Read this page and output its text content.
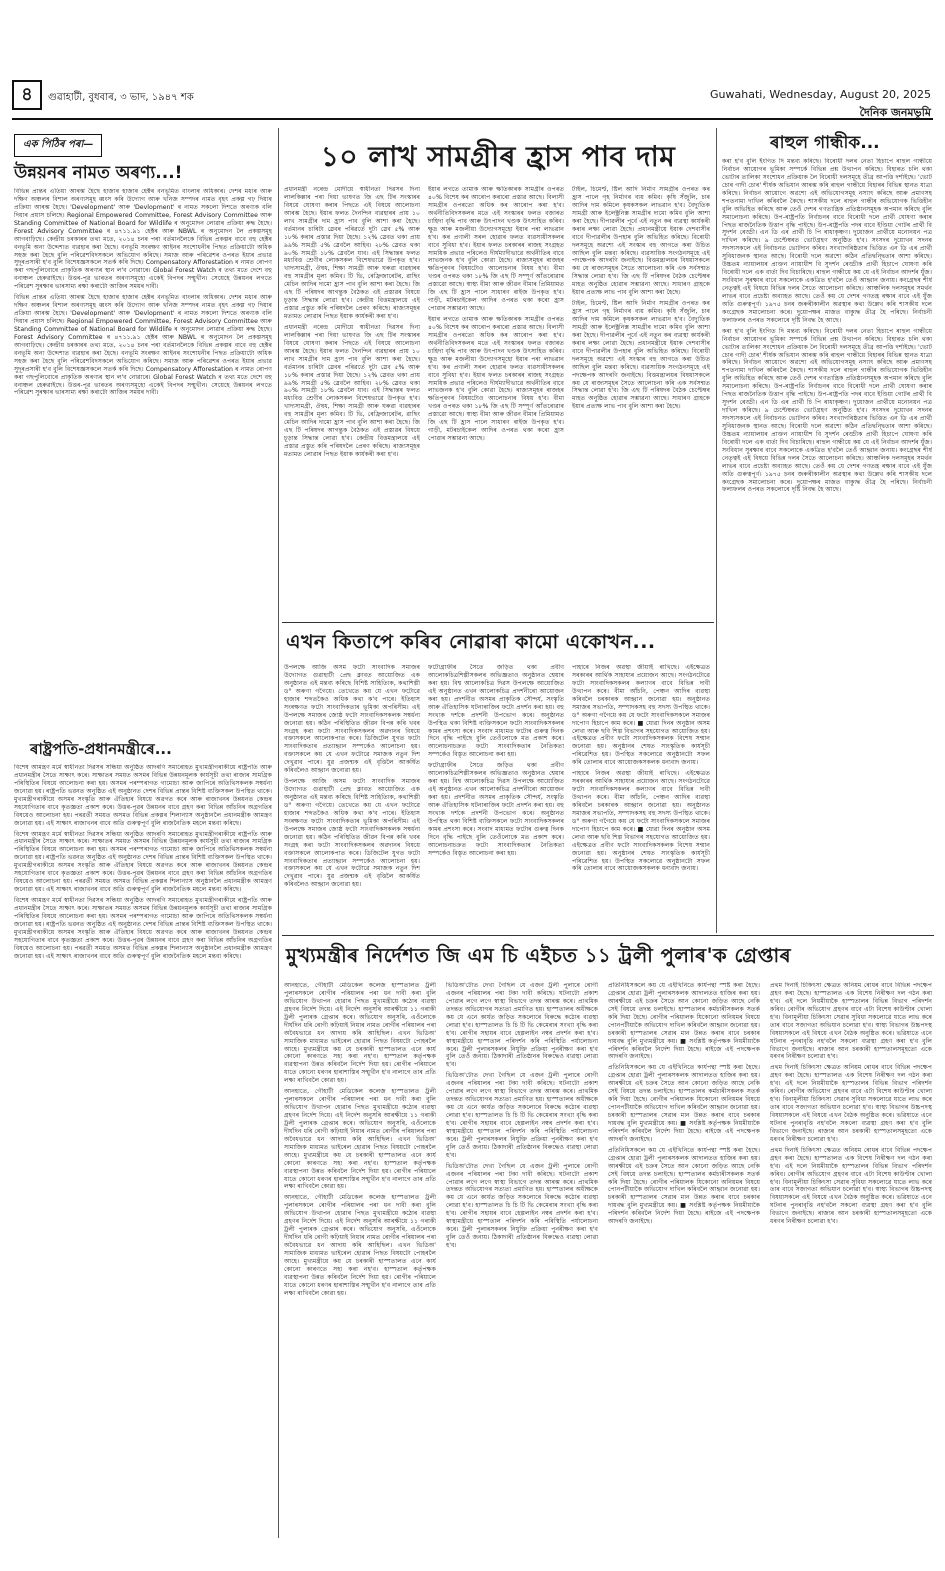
৪	গুৱাহাটী, বুধবাৰ, ৩ ভাদ, ১৯৪৭ শক	Guwahati, Wednesday, August 20, 2025
দৈনিক জনমভূমি
এক পিঠিৰ পৰা—
উন্নয়নৰ নামত অৰণ্য...!
বিভিন্ন প্ৰান্তৰ এতিয়া আৰম্ভ হৈছে হাজাৰ হাজাৰ হেক্টৰ বনভূমিত বাংলাৰ অধিকাৰ। দেশৰ মধ্যৰ আৰু দক্ষিণ অঞ্চলৰ বিশাল অৰণ্যসমূহ ধ্বংস কৰি উদ্যোগ আৰু খনিজ সম্পদৰ নামত বৃহৎ প্ৰকল্প গঢ় দিয়াৰ প্ৰক্ৰিয়া আৰম্ভ হৈছে। 'Development' আৰু 'Devlopment' ৰ নামত সকলো দিশতে অৰণ্যক বলি দিয়াৰ প্ৰয়াস চলিছে। Regional Empowered Committee, Forest Advisory Committee আৰু Standing Committee of National Board for Wildlife ৰ অনুমোদন লোৱাৰ প্ৰক্ৰিয়া ৰুদ্ধ হৈছে। Forest Advisory Committee ৰ ৪৭১১.৯১ হেক্টৰ আৰু NBWL ৰ অনুমোদন লৈ প্ৰকল্পসমূহ আগবাঢ়িছে। কেন্দ্ৰীয় চৰকাৰৰ তথ্য মতে, ২০১৪ চনৰ পৰা বৰ্তমানলৈকে বিভিন্ন প্ৰকল্পৰ বাবে বহু হেক্টৰ বনভূমি অন্য উদ্দেশ্যত ব্যৱহাৰ কৰা হৈছে। বনভূমি সংৰক্ষণ আইনৰ সংশোধনীৰ পিছত প্ৰক্ৰিয়াটো অধিক সহজ কৰা হৈছে বুলি পৰিৱেশবিদসকলে অভিযোগ কৰিছে। সমাজ আৰু পৰিৱেশৰ ওপৰত ইয়াৰ প্ৰভাৱ সুদূৰপ্ৰসাৰী হ'ব বুলি বিশেষজ্ঞসকলে সতৰ্ক কৰি দিছে। Compensatory Afforestation ৰ নামত ৰোপণ কৰা গছপুলিবোৰে প্ৰাকৃতিক অৰণ্যৰ স্থান ল'ব নোৱাৰে। Global Forest Watch ৰ তথ্য মতে দেশে বহু বনাঞ্চল হেৰুৱাইছে। উত্তৰ-পূৱ ভাৰতৰ অৰণ্যসমূহো একেই বিপদৰ সন্মুখীন। সেয়েহে উন্নয়নৰ লগতে পৰিৱেশ সুৰক্ষাৰ ভাৰসাম্য ৰক্ষা কৰাটো আজিৰ সময়ৰ দাবী।
বিভিন্ন প্ৰান্তৰ এতিয়া আৰম্ভ হৈছে হাজাৰ হাজাৰ হেক্টৰ বনভূমিত বাংলাৰ অধিকাৰ। দেশৰ মধ্যৰ আৰু দক্ষিণ অঞ্চলৰ বিশাল অৰণ্যসমূহ ধ্বংস কৰি উদ্যোগ আৰু খনিজ সম্পদৰ নামত বৃহৎ প্ৰকল্প গঢ় দিয়াৰ প্ৰক্ৰিয়া আৰম্ভ হৈছে। 'Development' আৰু 'Devlopment' ৰ নামত সকলো দিশতে অৰণ্যক বলি দিয়াৰ প্ৰয়াস চলিছে। Regional Empowered Committee, Forest Advisory Committee আৰু Standing Committee of National Board for Wildlife ৰ অনুমোদন লোৱাৰ প্ৰক্ৰিয়া ৰুদ্ধ হৈছে। Forest Advisory Committee ৰ ৪৭১১.৯১ হেক্টৰ আৰু NBWL ৰ অনুমোদন লৈ প্ৰকল্পসমূহ আগবাঢ়িছে। কেন্দ্ৰীয় চৰকাৰৰ তথ্য মতে, ২০১৪ চনৰ পৰা বৰ্তমানলৈকে বিভিন্ন প্ৰকল্পৰ বাবে বহু হেক্টৰ বনভূমি অন্য উদ্দেশ্যত ব্যৱহাৰ কৰা হৈছে। বনভূমি সংৰক্ষণ আইনৰ সংশোধনীৰ পিছত প্ৰক্ৰিয়াটো অধিক সহজ কৰা হৈছে বুলি পৰিৱেশবিদসকলে অভিযোগ কৰিছে। সমাজ আৰু পৰিৱেশৰ ওপৰত ইয়াৰ প্ৰভাৱ সুদূৰপ্ৰসাৰী হ'ব বুলি বিশেষজ্ঞসকলে সতৰ্ক কৰি দিছে। Compensatory Afforestation ৰ নামত ৰোপণ কৰা গছপুলিবোৰে প্ৰাকৃতিক অৰণ্যৰ স্থান ল'ব নোৱাৰে। Global Forest Watch ৰ তথ্য মতে দেশে বহু বনাঞ্চল হেৰুৱাইছে। উত্তৰ-পূৱ ভাৰতৰ অৰণ্যসমূহো একেই বিপদৰ সন্মুখীন। সেয়েহে উন্নয়নৰ লগতে পৰিৱেশ সুৰক্ষাৰ ভাৰসাম্য ৰক্ষা কৰাটো আজিৰ সময়ৰ দাবী।
ৰাষ্ট্ৰপতি-প্ৰধানমন্ত্ৰীৰে...
বিশেষ আমন্ত্ৰণ মৰ্মে স্বাধীনতা দিৱসৰ সন্ধিয়া অনুষ্ঠিত আদৰণি সমাৰোহত মুখ্যমন্ত্ৰীগৰাকীয়ে ৰাষ্ট্ৰপতি আৰু প্ৰধানমন্ত্ৰীৰ সৈতে সাক্ষাৎ কৰে। সাক্ষাতৰ সময়ত অসমৰ বিভিন্ন উন্নয়নমূলক কাৰ্যসূচী তথা ৰাজ্যৰ সামগ্ৰিক পৰিস্থিতিৰ বিষয়ে আলোচনা কৰা হয়। অসমৰ পৰম্পৰাগত গামোচা আৰু জাপিৰে অতিথিসকলক সম্বৰ্ধনা জনোৱা হয়। ৰাষ্ট্ৰপতি ভৱনত অনুষ্ঠিত এই অনুষ্ঠানত দেশৰ বিভিন্ন প্ৰান্তৰ বিশিষ্ট ব্যক্তিসকল উপস্থিত থাকে। মুখ্যমন্ত্ৰীগৰাকীয়ে অসমৰ সংস্কৃতি আৰু ঐতিহ্যৰ বিষয়ে অৱগত কৰে আৰু ৰাজ্যখনৰ উন্নয়নত কেন্দ্ৰৰ সহযোগিতাৰ বাবে কৃতজ্ঞতা প্ৰকাশ কৰে। উত্তৰ-পূৱৰ উন্নয়নৰ বাবে গ্ৰহণ কৰা বিভিন্ন আঁচনিৰ অগ্ৰগতিৰ বিষয়েও আলোচনা হয়। পৰৱৰ্তী সময়ত অসমত বিভিন্ন প্ৰকল্পৰ শিলান্যাস অনুষ্ঠানলৈ প্ৰধানমন্ত্ৰীক আমন্ত্ৰণ জনোৱা হয়। এই সাক্ষাৎ ৰাজ্যখনৰ বাবে অতি গুৰুত্বপূৰ্ণ বুলি ৰাজনৈতিক মহলে মন্তব্য কৰিছে।
বিশেষ আমন্ত্ৰণ মৰ্মে স্বাধীনতা দিৱসৰ সন্ধিয়া অনুষ্ঠিত আদৰণি সমাৰোহত মুখ্যমন্ত্ৰীগৰাকীয়ে ৰাষ্ট্ৰপতি আৰু প্ৰধানমন্ত্ৰীৰ সৈতে সাক্ষাৎ কৰে। সাক্ষাতৰ সময়ত অসমৰ বিভিন্ন উন্নয়নমূলক কাৰ্যসূচী তথা ৰাজ্যৰ সামগ্ৰিক পৰিস্থিতিৰ বিষয়ে আলোচনা কৰা হয়। অসমৰ পৰম্পৰাগত গামোচা আৰু জাপিৰে অতিথিসকলক সম্বৰ্ধনা জনোৱা হয়। ৰাষ্ট্ৰপতি ভৱনত অনুষ্ঠিত এই অনুষ্ঠানত দেশৰ বিভিন্ন প্ৰান্তৰ বিশিষ্ট ব্যক্তিসকল উপস্থিত থাকে। মুখ্যমন্ত্ৰীগৰাকীয়ে অসমৰ সংস্কৃতি আৰু ঐতিহ্যৰ বিষয়ে অৱগত কৰে আৰু ৰাজ্যখনৰ উন্নয়নত কেন্দ্ৰৰ সহযোগিতাৰ বাবে কৃতজ্ঞতা প্ৰকাশ কৰে। উত্তৰ-পূৱৰ উন্নয়নৰ বাবে গ্ৰহণ কৰা বিভিন্ন আঁচনিৰ অগ্ৰগতিৰ বিষয়েও আলোচনা হয়। পৰৱৰ্তী সময়ত অসমত বিভিন্ন প্ৰকল্পৰ শিলান্যাস অনুষ্ঠানলৈ প্ৰধানমন্ত্ৰীক আমন্ত্ৰণ জনোৱা হয়। এই সাক্ষাৎ ৰাজ্যখনৰ বাবে অতি গুৰুত্বপূৰ্ণ বুলি ৰাজনৈতিক মহলে মন্তব্য কৰিছে।
বিশেষ আমন্ত্ৰণ মৰ্মে স্বাধীনতা দিৱসৰ সন্ধিয়া অনুষ্ঠিত আদৰণি সমাৰোহত মুখ্যমন্ত্ৰীগৰাকীয়ে ৰাষ্ট্ৰপতি আৰু প্ৰধানমন্ত্ৰীৰ সৈতে সাক্ষাৎ কৰে। সাক্ষাতৰ সময়ত অসমৰ বিভিন্ন উন্নয়নমূলক কাৰ্যসূচী তথা ৰাজ্যৰ সামগ্ৰিক পৰিস্থিতিৰ বিষয়ে আলোচনা কৰা হয়। অসমৰ পৰম্পৰাগত গামোচা আৰু জাপিৰে অতিথিসকলক সম্বৰ্ধনা জনোৱা হয়। ৰাষ্ট্ৰপতি ভৱনত অনুষ্ঠিত এই অনুষ্ঠানত দেশৰ বিভিন্ন প্ৰান্তৰ বিশিষ্ট ব্যক্তিসকল উপস্থিত থাকে। মুখ্যমন্ত্ৰীগৰাকীয়ে অসমৰ সংস্কৃতি আৰু ঐতিহ্যৰ বিষয়ে অৱগত কৰে আৰু ৰাজ্যখনৰ উন্নয়নত কেন্দ্ৰৰ সহযোগিতাৰ বাবে কৃতজ্ঞতা প্ৰকাশ কৰে। উত্তৰ-পূৱৰ উন্নয়নৰ বাবে গ্ৰহণ কৰা বিভিন্ন আঁচনিৰ অগ্ৰগতিৰ বিষয়েও আলোচনা হয়। পৰৱৰ্তী সময়ত অসমত বিভিন্ন প্ৰকল্পৰ শিলান্যাস অনুষ্ঠানলৈ প্ৰধানমন্ত্ৰীক আমন্ত্ৰণ জনোৱা হয়। এই সাক্ষাৎ ৰাজ্যখনৰ বাবে অতি গুৰুত্বপূৰ্ণ বুলি ৰাজনৈতিক মহলে মন্তব্য কৰিছে।
১০ লাখ সামগ্ৰীৰ হ্ৰাস পাব দাম
প্ৰধানমন্ত্ৰী নৰেন্দ্ৰ মোদীয়ে স্বাধীনতা দিৱসৰ দিনা লালকিল্লাৰ পৰা দিয়া ভাষণত জি এছ টিৰ সংস্কাৰৰ বিষয়ে ঘোষণা কৰাৰ পিছতে এই বিষয়ে আলোচনা আৰম্ভ হৈছে। ইয়াৰ ফলত দৈনন্দিন ব্যৱহাৰৰ প্ৰায় ১০ লাখ সামগ্ৰীৰ দাম হ্ৰাস পাব বুলি আশা কৰা হৈছে। বৰ্তমানৰ চাৰিটা স্লেবৰ পৰিৱৰ্তে দুটা স্লেব ৫% আৰু ১৮% কৰাৰ প্ৰস্তাৱ দিয়া হৈছে। ১২% স্লেবত থকা প্ৰায় ৯৯% সামগ্ৰী ৫% স্লেবলৈ আহিব। ২৮% স্লেবত থকা ৯০% সামগ্ৰী ১৮% স্লেবলৈ যাব। এই সিদ্ধান্তৰ ফলত মধ্যবিত্ত শ্ৰেণীৰ লোকসকল বিশেষভাৱে উপকৃত হ'ব। খাদ্যসামগ্ৰী, ঔষধ, শিক্ষা সামগ্ৰী আৰু ঘৰুৱা ব্যৱহাৰৰ বহু সামগ্ৰীৰ মূল্য কমিব। টি ভি, ৰেফ্ৰিজাৰেটৰ, ৱাছিং মেচিন আদিৰ দামো হ্ৰাস পাব বুলি আশা কৰা হৈছে। জি এছ টি পৰিষদৰ আগন্তুক বৈঠকত এই প্ৰস্তাৱৰ বিষয়ে চূড়ান্ত সিদ্ধান্ত লোৱা হ'ব। কেন্দ্ৰীয় বিত্তমন্ত্ৰালয়ে এই প্ৰস্তাৱ প্ৰস্তুত কৰি পৰিষদলৈ প্ৰেৰণ কৰিছে। ৰাজ্যসমূহৰ মতামত লোৱাৰ পিছত ইয়াক কাৰ্যকৰী কৰা হ'ব।
প্ৰধানমন্ত্ৰী নৰেন্দ্ৰ মোদীয়ে স্বাধীনতা দিৱসৰ দিনা লালকিল্লাৰ পৰা দিয়া ভাষণত জি এছ টিৰ সংস্কাৰৰ বিষয়ে ঘোষণা কৰাৰ পিছতে এই বিষয়ে আলোচনা আৰম্ভ হৈছে। ইয়াৰ ফলত দৈনন্দিন ব্যৱহাৰৰ প্ৰায় ১০ লাখ সামগ্ৰীৰ দাম হ্ৰাস পাব বুলি আশা কৰা হৈছে। বৰ্তমানৰ চাৰিটা স্লেবৰ পৰিৱৰ্তে দুটা স্লেব ৫% আৰু ১৮% কৰাৰ প্ৰস্তাৱ দিয়া হৈছে। ১২% স্লেবত থকা প্ৰায় ৯৯% সামগ্ৰী ৫% স্লেবলৈ আহিব। ২৮% স্লেবত থকা ৯০% সামগ্ৰী ১৮% স্লেবলৈ যাব। এই সিদ্ধান্তৰ ফলত মধ্যবিত্ত শ্ৰেণীৰ লোকসকল বিশেষভাৱে উপকৃত হ'ব। খাদ্যসামগ্ৰী, ঔষধ, শিক্ষা সামগ্ৰী আৰু ঘৰুৱা ব্যৱহাৰৰ বহু সামগ্ৰীৰ মূল্য কমিব। টি ভি, ৰেফ্ৰিজাৰেটৰ, ৱাছিং মেচিন আদিৰ দামো হ্ৰাস পাব বুলি আশা কৰা হৈছে। জি এছ টি পৰিষদৰ আগন্তুক বৈঠকত এই প্ৰস্তাৱৰ বিষয়ে চূড়ান্ত সিদ্ধান্ত লোৱা হ'ব। কেন্দ্ৰীয় বিত্তমন্ত্ৰালয়ে এই প্ৰস্তাৱ প্ৰস্তুত কৰি পৰিষদলৈ প্ৰেৰণ কৰিছে। ৰাজ্যসমূহৰ মতামত লোৱাৰ পিছত ইয়াক কাৰ্যকৰী কৰা হ'ব।
ইয়াৰ লগতে তামাক আৰু ক্ষতিকাৰক সামগ্ৰীৰ ওপৰত ৪০% বিশেষ কৰ আৰোপ কৰাৰো প্ৰস্তাৱ আছে। বিলাসী সামগ্ৰীৰ ওপৰতো অধিক কৰ আৰোপ কৰা হ'ব। অৰ্থনীতিবিদসকলৰ মতে এই সংস্কাৰৰ ফলত বজাৰত চাহিদা বৃদ্ধি পাব আৰু উৎপাদন খণ্ডক উৎসাহিত কৰিব। ক্ষুদ্ৰ আৰু মজলীয়া উদ্যোগসমূহো ইয়াৰ পৰা লাভৱান হ'ব। কৰ প্ৰণালী সৰল হোৱাৰ ফলত ব্যৱসায়ীসকলৰ বাবে সুবিধা হ'ব। ইয়াৰ ফলত চৰকাৰৰ ৰাজহ সংগ্ৰহত সাময়িক প্ৰভাৱ পৰিলেও দীৰ্ঘম্যাদীভাৱে অৰ্থনীতিৰ বাবে লাভজনক হ'ব বুলি কোৱা হৈছে। ৰাজ্যসমূহৰ ৰাজহৰ ক্ষতিপূৰণৰ বিষয়টোও আলোচনাৰ বিষয় হ'ব। বীমা খণ্ডৰ ওপৰত থকা ১৮% জি এছ টি সম্পূৰ্ণ আঁতৰোৱাৰ প্ৰস্তাৱো আছে। স্বাস্থ্য বীমা আৰু জীৱন বীমাৰ প্ৰিমিয়ামত জি এছ টি হ্ৰাস পালে সাধাৰণ ৰাইজ উপকৃত হ'ব। গাড়ী, মটৰচাইকেল আদিৰ ওপৰত থকা কৰো হ্ৰাস পোৱাৰ সম্ভাৱনা আছে।
ইয়াৰ লগতে তামাক আৰু ক্ষতিকাৰক সামগ্ৰীৰ ওপৰত ৪০% বিশেষ কৰ আৰোপ কৰাৰো প্ৰস্তাৱ আছে। বিলাসী সামগ্ৰীৰ ওপৰতো অধিক কৰ আৰোপ কৰা হ'ব। অৰ্থনীতিবিদসকলৰ মতে এই সংস্কাৰৰ ফলত বজাৰত চাহিদা বৃদ্ধি পাব আৰু উৎপাদন খণ্ডক উৎসাহিত কৰিব। ক্ষুদ্ৰ আৰু মজলীয়া উদ্যোগসমূহো ইয়াৰ পৰা লাভৱান হ'ব। কৰ প্ৰণালী সৰল হোৱাৰ ফলত ব্যৱসায়ীসকলৰ বাবে সুবিধা হ'ব। ইয়াৰ ফলত চৰকাৰৰ ৰাজহ সংগ্ৰহত সাময়িক প্ৰভাৱ পৰিলেও দীৰ্ঘম্যাদীভাৱে অৰ্থনীতিৰ বাবে লাভজনক হ'ব বুলি কোৱা হৈছে। ৰাজ্যসমূহৰ ৰাজহৰ ক্ষতিপূৰণৰ বিষয়টোও আলোচনাৰ বিষয় হ'ব। বীমা খণ্ডৰ ওপৰত থকা ১৮% জি এছ টি সম্পূৰ্ণ আঁতৰোৱাৰ প্ৰস্তাৱো আছে। স্বাস্থ্য বীমা আৰু জীৱন বীমাৰ প্ৰিমিয়ামত জি এছ টি হ্ৰাস পালে সাধাৰণ ৰাইজ উপকৃত হ'ব। গাড়ী, মটৰচাইকেল আদিৰ ওপৰত থকা কৰো হ্ৰাস পোৱাৰ সম্ভাৱনা আছে।
টাইল, চিমেণ্ট, ষ্টিল আদি নিৰ্মাণ সামগ্ৰীৰ ওপৰত কৰ হ্ৰাস পালে গৃহ নিৰ্মাণৰ ব্যয় কমিব। কৃষি সঁজুলি, চাৰ আদিৰ দাম কমিলে কৃষকসকল লাভৱান হ'ব। বৈদ্যুতিক সামগ্ৰী আৰু ইলেক্ট্ৰনিক্স সামগ্ৰীৰ দামো কমিব বুলি আশা কৰা হৈছে। দীপাৱলীৰ পূৰ্বে এই নতুন কৰ ব্যৱস্থা কাৰ্যকৰী কৰাৰ লক্ষ্য লোৱা হৈছে। প্ৰধানমন্ত্ৰীয়ে ইয়াক দেশবাসীৰ বাবে দীপাৱলীৰ উপহাৰ বুলি অভিহিত কৰিছে। বিৰোধী দলসমূহে অৱশ্যে এই সংস্কাৰ বহু আগতে কৰা উচিত আছিল বুলি মন্তব্য কৰিছে। ব্যৱসায়িক সংগঠনসমূহে এই পদক্ষেপক আদৰণি জনাইছে। বিত্তমন্ত্ৰালয়ৰ বিষয়াসকলে কয় যে ৰাজ্যসমূহৰ সৈতে আলোচনা কৰি এক সৰ্বসন্মত সিদ্ধান্ত লোৱা হ'ব। জি এছ টি পৰিষদৰ বৈঠক চেপ্টেম্বৰ মাহত অনুষ্ঠিত হোৱাৰ সম্ভাৱনা আছে। সাধাৰণ গ্ৰাহকে ইয়াৰ প্ৰত্যক্ষ লাভ পাব বুলি আশা কৰা হৈছে।
টাইল, চিমেণ্ট, ষ্টিল আদি নিৰ্মাণ সামগ্ৰীৰ ওপৰত কৰ হ্ৰাস পালে গৃহ নিৰ্মাণৰ ব্যয় কমিব। কৃষি সঁজুলি, চাৰ আদিৰ দাম কমিলে কৃষকসকল লাভৱান হ'ব। বৈদ্যুতিক সামগ্ৰী আৰু ইলেক্ট্ৰনিক্স সামগ্ৰীৰ দামো কমিব বুলি আশা কৰা হৈছে। দীপাৱলীৰ পূৰ্বে এই নতুন কৰ ব্যৱস্থা কাৰ্যকৰী কৰাৰ লক্ষ্য লোৱা হৈছে। প্ৰধানমন্ত্ৰীয়ে ইয়াক দেশবাসীৰ বাবে দীপাৱলীৰ উপহাৰ বুলি অভিহিত কৰিছে। বিৰোধী দলসমূহে অৱশ্যে এই সংস্কাৰ বহু আগতে কৰা উচিত আছিল বুলি মন্তব্য কৰিছে। ব্যৱসায়িক সংগঠনসমূহে এই পদক্ষেপক আদৰণি জনাইছে। বিত্তমন্ত্ৰালয়ৰ বিষয়াসকলে কয় যে ৰাজ্যসমূহৰ সৈতে আলোচনা কৰি এক সৰ্বসন্মত সিদ্ধান্ত লোৱা হ'ব। জি এছ টি পৰিষদৰ বৈঠক চেপ্টেম্বৰ মাহত অনুষ্ঠিত হোৱাৰ সম্ভাৱনা আছে। সাধাৰণ গ্ৰাহকে ইয়াৰ প্ৰত্যক্ষ লাভ পাব বুলি আশা কৰা হৈছে।
এখন কিতাপে কৰিব নোৱাৰা কামো একোখন...
উপলক্ষে আজি অসম ফটো সাংবাদিক সমাজৰ উদ্যোগত গুৱাহাটী প্ৰেছ ক্লাবত আয়োজিত এক অনুষ্ঠানত এই মন্তব্য কৰিছে বিশিষ্ট সাহিত্যিক, কথাশিল্পী ড° অৰুণা গগৈয়ে। তেখেতে কয় যে এখন ফটোৱে হাজাৰ শব্দতকৈও অধিক কথা ক'ব পাৰে। ইতিহাস সংৰক্ষণত ফটো সাংবাদিকতাৰ ভূমিকা অপৰিসীম। এই উপলক্ষে সমাজৰ জ্যেষ্ঠ ফটো সাংবাদিকসকলক সম্বৰ্ধনা জনোৱা হয়। কঠিন পৰিস্থিতিত জীৱন বিপন্ন কৰি খবৰ সংগ্ৰহ কৰা ফটো সাংবাদিকসকলৰ অৱদানৰ বিষয়ে বক্তাসকলে আলোকপাত কৰে। ডিজিটেল যুগত ফটো সাংবাদিকতাৰ প্ৰত্যাহ্বান সম্পৰ্কেও আলোচনা হয়। বক্তাসকলে কয় যে এখন ফটোৱে সমাজক নতুন দিশ দেখুৱাব পাৰে। যুৱ প্ৰজন্মক এই বৃত্তিলৈ আকৰ্ষিত কৰিবলৈও আহ্বান জনোৱা হয়।
উপলক্ষে আজি অসম ফটো সাংবাদিক সমাজৰ উদ্যোগত গুৱাহাটী প্ৰেছ ক্লাবত আয়োজিত এক অনুষ্ঠানত এই মন্তব্য কৰিছে বিশিষ্ট সাহিত্যিক, কথাশিল্পী ড° অৰুণা গগৈয়ে। তেখেতে কয় যে এখন ফটোৱে হাজাৰ শব্দতকৈও অধিক কথা ক'ব পাৰে। ইতিহাস সংৰক্ষণত ফটো সাংবাদিকতাৰ ভূমিকা অপৰিসীম। এই উপলক্ষে সমাজৰ জ্যেষ্ঠ ফটো সাংবাদিকসকলক সম্বৰ্ধনা জনোৱা হয়। কঠিন পৰিস্থিতিত জীৱন বিপন্ন কৰি খবৰ সংগ্ৰহ কৰা ফটো সাংবাদিকসকলৰ অৱদানৰ বিষয়ে বক্তাসকলে আলোকপাত কৰে। ডিজিটেল যুগত ফটো সাংবাদিকতাৰ প্ৰত্যাহ্বান সম্পৰ্কেও আলোচনা হয়। বক্তাসকলে কয় যে এখন ফটোৱে সমাজক নতুন দিশ দেখুৱাব পাৰে। যুৱ প্ৰজন্মক এই বৃত্তিলৈ আকৰ্ষিত কৰিবলৈও আহ্বান জনোৱা হয়।
ফটোগ্ৰাফীৰ সৈতে জড়িত থকা প্ৰবীণ আলোকচিত্ৰশিল্পীসকলৰ অভিজ্ঞতাও অনুষ্ঠানত শ্বেয়াৰ কৰা হয়। বিশ্ব আলোকচিত্ৰ দিৱস উপলক্ষে আয়োজিত এই অনুষ্ঠানত এখন আলোকচিত্ৰ প্ৰদৰ্শনীৰো আয়োজন কৰা হয়। প্ৰদৰ্শনীত অসমৰ প্ৰাকৃতিক সৌন্দৰ্য, সংস্কৃতি আৰু ঐতিহাসিক ঘটনাৰাজিৰ ফটো প্ৰদৰ্শন কৰা হয়। বহু সংখ্যক দৰ্শকে প্ৰদৰ্শনী উপভোগ কৰে। অনুষ্ঠানত উপস্থিত থকা বিশিষ্ট ব্যক্তিসকলে ফটো সাংবাদিকসকলৰ কামৰ প্ৰশংসা কৰে। সংবাদ মাধ্যমত ফটোৰ গুৰুত্ব দিনক দিনে বৃদ্ধি পাইছে বুলি তেওঁলোকে মত প্ৰকাশ কৰে। আলোচনাচক্ৰত ফটো সাংবাদিকতাৰ নৈতিকতা সম্পৰ্কেও বিস্তৃত আলোচনা কৰা হয়।
ফটোগ্ৰাফীৰ সৈতে জড়িত থকা প্ৰবীণ আলোকচিত্ৰশিল্পীসকলৰ অভিজ্ঞতাও অনুষ্ঠানত শ্বেয়াৰ কৰা হয়। বিশ্ব আলোকচিত্ৰ দিৱস উপলক্ষে আয়োজিত এই অনুষ্ঠানত এখন আলোকচিত্ৰ প্ৰদৰ্শনীৰো আয়োজন কৰা হয়। প্ৰদৰ্শনীত অসমৰ প্ৰাকৃতিক সৌন্দৰ্য, সংস্কৃতি আৰু ঐতিহাসিক ঘটনাৰাজিৰ ফটো প্ৰদৰ্শন কৰা হয়। বহু সংখ্যক দৰ্শকে প্ৰদৰ্শনী উপভোগ কৰে। অনুষ্ঠানত উপস্থিত থকা বিশিষ্ট ব্যক্তিসকলে ফটো সাংবাদিকসকলৰ কামৰ প্ৰশংসা কৰে। সংবাদ মাধ্যমত ফটোৰ গুৰুত্ব দিনক দিনে বৃদ্ধি পাইছে বুলি তেওঁলোকে মত প্ৰকাশ কৰে। আলোচনাচক্ৰত ফটো সাংবাদিকতাৰ নৈতিকতা সম্পৰ্কেও বিস্তৃত আলোচনা কৰা হয়।
পাহাৰে নিজৰ অৱস্থা জীয়াই ৰাখিছে। এইক্ষেত্ৰত সৰকাৰৰ আৰ্থিক সাহায্যৰ প্ৰয়োজন আছে। সংগঠনটোৱে ফটো সাংবাদিকসকলৰ কল্যাণৰ বাবে বিভিন্ন দাবী উত্থাপন কৰে। বীমা আঁচনি, পেঞ্চন আদিৰ ব্যৱস্থা কৰিবলৈ চৰকাৰক আহ্বান জনোৱা হয়। অনুষ্ঠানত সমাজৰ সভাপতি, সম্পাদকসহ বহু সদস্য উপস্থিত থাকে। ড° অৰুণা গগৈয়ে কয় যে ফটো সাংবাদিকসকলে সমাজৰ দাপোণ হিচাপে কাম কৰে। ■ যোৱা দিনৰ অনুষ্ঠান অসম লেখা আৰু ছবি শিল্প বিভাগৰ সহযোগত আয়োজিত হয়। এইক্ষেত্ৰত প্ৰবীণ ফটো সাংবাদিকসকলক বিশেষ সন্মান জনোৱা হয়। অনুষ্ঠানৰ শেষত সাংস্কৃতিক কাৰ্যসূচী পৰিৱেশিত হয়। উপস্থিত সকলোৱে অনুষ্ঠানটো সফল কৰি তোলাৰ বাবে আয়োজকসকলক ধন্যবাদ জনায়।
পাহাৰে নিজৰ অৱস্থা জীয়াই ৰাখিছে। এইক্ষেত্ৰত সৰকাৰৰ আৰ্থিক সাহায্যৰ প্ৰয়োজন আছে। সংগঠনটোৱে ফটো সাংবাদিকসকলৰ কল্যাণৰ বাবে বিভিন্ন দাবী উত্থাপন কৰে। বীমা আঁচনি, পেঞ্চন আদিৰ ব্যৱস্থা কৰিবলৈ চৰকাৰক আহ্বান জনোৱা হয়। অনুষ্ঠানত সমাজৰ সভাপতি, সম্পাদকসহ বহু সদস্য উপস্থিত থাকে। ড° অৰুণা গগৈয়ে কয় যে ফটো সাংবাদিকসকলে সমাজৰ দাপোণ হিচাপে কাম কৰে। ■ যোৱা দিনৰ অনুষ্ঠান অসম লেখা আৰু ছবি শিল্প বিভাগৰ সহযোগত আয়োজিত হয়। এইক্ষেত্ৰত প্ৰবীণ ফটো সাংবাদিকসকলক বিশেষ সন্মান জনোৱা হয়। অনুষ্ঠানৰ শেষত সাংস্কৃতিক কাৰ্যসূচী পৰিৱেশিত হয়। উপস্থিত সকলোৱে অনুষ্ঠানটো সফল কৰি তোলাৰ বাবে আয়োজকসকলক ধন্যবাদ জনায়।
ৰাহুল গান্ধীক...
কৰা হ'ব বুলি ইংগিত দি মন্তব্য কৰিছে। বিৰোধী দলৰ নেতা হিচাপে ৰাহুল গান্ধীয়ে নিৰ্বাচন আয়োগৰ ভূমিকা সম্পৰ্কে বিভিন্ন প্ৰশ্ন উত্থাপন কৰিছে। বিহাৰত চলি থকা ভোটাৰ তালিকা সংশোধন প্ৰক্ৰিয়াক লৈ বিৰোধী দলসমূহে তীব্ৰ আপত্তি দৰ্শাইছে। 'ভোট চোৰ গাদী চোৰ' শীৰ্ষক অভিযান আৰম্ভ কৰি ৰাহুল গান্ধীয়ে বিহাৰৰ বিভিন্ন স্থানত যাত্ৰা কৰিছে। নিৰ্বাচন আয়োগে অৱশ্যে এই অভিযোগসমূহ নস্যাৎ কৰিছে আৰু প্ৰমাণসহ শপতনামা দাখিল কৰিবলৈ কৈছে। শাসকীয় দলে ৰাহুল গান্ধীৰ অভিযোগক ভিত্তিহীন বুলি অভিহিত কৰিছে আৰু তেওঁ দেশৰ গণতান্ত্ৰিক প্ৰতিষ্ঠানসমূহক অপমান কৰিছে বুলি সমালোচনা কৰিছে। উপ-ৰাষ্ট্ৰপতি নিৰ্বাচনৰ বাবে বিৰোধী দলে প্ৰাৰ্থী ঘোষণা কৰাৰ পিছত ৰাজনৈতিক উত্তাপ বৃদ্ধি পাইছে। উপ-ৰাষ্ট্ৰপতি পদৰ বাবে ইণ্ডিয়া গোটৰ প্ৰাৰ্থী বি সুদৰ্শন ৰেড্ডী। এন ডি এৰ প্ৰাৰ্থী চি পি ৰাধাকৃষ্ণণ। দুয়োজন প্ৰাৰ্থীয়ে মনোনয়ন পত্ৰ দাখিল কৰিছে। ৯ চেপ্টেম্বৰত ভোটগ্ৰহণ অনুষ্ঠিত হ'ব। সংসদৰ দুয়োখন সদনৰ সদস্যসকলে এই নিৰ্বাচনত ভোটদান কৰিব। সংখ্যাগৰিষ্ঠতাৰ ভিত্তিত এন ডি এৰ প্ৰাৰ্থী সুবিধাজনক স্থানত আছে। বিৰোধী দলে অৱশ্যে কঠিন প্ৰতিদ্বন্দ্বিতাৰ আশা কৰিছে। উচ্চতম ন্যায়ালয়ৰ প্ৰাক্তন ন্যায়াধীশ বি সুদৰ্শন ৰেড্ডীক প্ৰাৰ্থী হিচাপে ঘোষণা কৰি বিৰোধী দলে এক বাৰ্তা দিব বিচাৰিছে। ৰাহুল গান্ধীয়ে কয় যে এই নিৰ্বাচন আদৰ্শৰ যুঁজ। সংবিধান সুৰক্ষাৰ বাবে সকলোকে একত্ৰিত হ'বলৈ তেওঁ আহ্বান জনায়। কংগ্ৰেছৰ শীৰ্ষ নেতৃত্বই এই বিষয়ে বিভিন্ন দলৰ সৈতে আলোচনা কৰিছে। আঞ্চলিক দলসমূহৰ সমৰ্থন লাভৰ বাবে প্ৰচেষ্টা অব্যাহত আছে। তেওঁ কয় যে দেশৰ গণতন্ত্ৰ ৰক্ষাৰ বাবে এই যুঁজ অতি গুৰুত্বপূৰ্ণ। ১৯৭৫ চনৰ জৰুৰীকালীন অৱস্থাৰ কথা উল্লেখ কৰি শাসকীয় দলে কংগ্ৰেছক সমালোচনা কৰে। দুয়োপক্ষৰ মাজত বাক্যুদ্ধ তীব্ৰ হৈ পৰিছে। নিৰ্বাচনী ফলাফলৰ ওপৰত সকলোৰে দৃষ্টি নিবদ্ধ হৈ আছে।
কৰা হ'ব বুলি ইংগিত দি মন্তব্য কৰিছে। বিৰোধী দলৰ নেতা হিচাপে ৰাহুল গান্ধীয়ে নিৰ্বাচন আয়োগৰ ভূমিকা সম্পৰ্কে বিভিন্ন প্ৰশ্ন উত্থাপন কৰিছে। বিহাৰত চলি থকা ভোটাৰ তালিকা সংশোধন প্ৰক্ৰিয়াক লৈ বিৰোধী দলসমূহে তীব্ৰ আপত্তি দৰ্শাইছে। 'ভোট চোৰ গাদী চোৰ' শীৰ্ষক অভিযান আৰম্ভ কৰি ৰাহুল গান্ধীয়ে বিহাৰৰ বিভিন্ন স্থানত যাত্ৰা কৰিছে। নিৰ্বাচন আয়োগে অৱশ্যে এই অভিযোগসমূহ নস্যাৎ কৰিছে আৰু প্ৰমাণসহ শপতনামা দাখিল কৰিবলৈ কৈছে। শাসকীয় দলে ৰাহুল গান্ধীৰ অভিযোগক ভিত্তিহীন বুলি অভিহিত কৰিছে আৰু তেওঁ দেশৰ গণতান্ত্ৰিক প্ৰতিষ্ঠানসমূহক অপমান কৰিছে বুলি সমালোচনা কৰিছে। উপ-ৰাষ্ট্ৰপতি নিৰ্বাচনৰ বাবে বিৰোধী দলে প্ৰাৰ্থী ঘোষণা কৰাৰ পিছত ৰাজনৈতিক উত্তাপ বৃদ্ধি পাইছে। উপ-ৰাষ্ট্ৰপতি পদৰ বাবে ইণ্ডিয়া গোটৰ প্ৰাৰ্থী বি সুদৰ্শন ৰেড্ডী। এন ডি এৰ প্ৰাৰ্থী চি পি ৰাধাকৃষ্ণণ। দুয়োজন প্ৰাৰ্থীয়ে মনোনয়ন পত্ৰ দাখিল কৰিছে। ৯ চেপ্টেম্বৰত ভোটগ্ৰহণ অনুষ্ঠিত হ'ব। সংসদৰ দুয়োখন সদনৰ সদস্যসকলে এই নিৰ্বাচনত ভোটদান কৰিব। সংখ্যাগৰিষ্ঠতাৰ ভিত্তিত এন ডি এৰ প্ৰাৰ্থী সুবিধাজনক স্থানত আছে। বিৰোধী দলে অৱশ্যে কঠিন প্ৰতিদ্বন্দ্বিতাৰ আশা কৰিছে। উচ্চতম ন্যায়ালয়ৰ প্ৰাক্তন ন্যায়াধীশ বি সুদৰ্শন ৰেড্ডীক প্ৰাৰ্থী হিচাপে ঘোষণা কৰি বিৰোধী দলে এক বাৰ্তা দিব বিচাৰিছে। ৰাহুল গান্ধীয়ে কয় যে এই নিৰ্বাচন আদৰ্শৰ যুঁজ। সংবিধান সুৰক্ষাৰ বাবে সকলোকে একত্ৰিত হ'বলৈ তেওঁ আহ্বান জনায়। কংগ্ৰেছৰ শীৰ্ষ নেতৃত্বই এই বিষয়ে বিভিন্ন দলৰ সৈতে আলোচনা কৰিছে। আঞ্চলিক দলসমূহৰ সমৰ্থন লাভৰ বাবে প্ৰচেষ্টা অব্যাহত আছে। তেওঁ কয় যে দেশৰ গণতন্ত্ৰ ৰক্ষাৰ বাবে এই যুঁজ অতি গুৰুত্বপূৰ্ণ। ১৯৭৫ চনৰ জৰুৰীকালীন অৱস্থাৰ কথা উল্লেখ কৰি শাসকীয় দলে কংগ্ৰেছক সমালোচনা কৰে। দুয়োপক্ষৰ মাজত বাক্যুদ্ধ তীব্ৰ হৈ পৰিছে। নিৰ্বাচনী ফলাফলৰ ওপৰত সকলোৰে দৃষ্টি নিবদ্ধ হৈ আছে।
মুখ্যমন্ত্ৰীৰ নিৰ্দেশত জি এম চি এইচত ১১ ট্ৰলী পুলাৰ'ক গ্ৰেপ্তাৰ
আনহাতে, গৌহাটী মেডিকেল কলেজ হাস্পতালত ট্ৰলী পুলাৰসকলে ৰোগীৰ পৰিয়ালৰ পৰা ধন দাবী কৰা বুলি অভিযোগ উত্থাপন হোৱাৰ পিছত মুখ্যমন্ত্ৰীয়ে কঠোৰ ব্যৱস্থা গ্ৰহণৰ নিৰ্দেশ দিয়ে। এই নিৰ্দেশ অনুসৰি আৰক্ষীয়ে ১১ গৰাকী ট্ৰলী পুলাৰক গ্ৰেপ্তাৰ কৰে। অভিযোগ অনুসৰি, এওঁলোকে দীৰ্ঘদিন ধৰি ৰোগী কঢ়িয়াই নিয়াৰ নামত ৰোগীৰ পৰিয়ালৰ পৰা অবৈধভাৱে ধন আদায় কৰি আহিছিল। এখন ভিডিঅ' সামাজিক মাধ্যমত ভাইৰেল হোৱাৰ পিছত বিষয়টো পোহৰলৈ আহে। মুখ্যমন্ত্ৰীয়ে কয় যে চৰকাৰী হাস্পতালত এনে কাৰ্য কোনো কাৰণতে সহ্য কৰা নহ'ব। হাস্পতাল কৰ্তৃপক্ষক ব্যৱস্থাপনা উন্নত কৰিবলৈ নিৰ্দেশ দিয়া হয়। ৰোগীৰ পৰিয়ালে যাতে কোনো ধৰণৰ হাৰাশাস্তিৰ সন্মুখীন হ'ব নালাগে তাৰ প্ৰতি লক্ষ্য ৰাখিবলৈ কোৱা হয়।
আনহাতে, গৌহাটী মেডিকেল কলেজ হাস্পতালত ট্ৰলী পুলাৰসকলে ৰোগীৰ পৰিয়ালৰ পৰা ধন দাবী কৰা বুলি অভিযোগ উত্থাপন হোৱাৰ পিছত মুখ্যমন্ত্ৰীয়ে কঠোৰ ব্যৱস্থা গ্ৰহণৰ নিৰ্দেশ দিয়ে। এই নিৰ্দেশ অনুসৰি আৰক্ষীয়ে ১১ গৰাকী ট্ৰলী পুলাৰক গ্ৰেপ্তাৰ কৰে। অভিযোগ অনুসৰি, এওঁলোকে দীৰ্ঘদিন ধৰি ৰোগী কঢ়িয়াই নিয়াৰ নামত ৰোগীৰ পৰিয়ালৰ পৰা অবৈধভাৱে ধন আদায় কৰি আহিছিল। এখন ভিডিঅ' সামাজিক মাধ্যমত ভাইৰেল হোৱাৰ পিছত বিষয়টো পোহৰলৈ আহে। মুখ্যমন্ত্ৰীয়ে কয় যে চৰকাৰী হাস্পতালত এনে কাৰ্য কোনো কাৰণতে সহ্য কৰা নহ'ব। হাস্পতাল কৰ্তৃপক্ষক ব্যৱস্থাপনা উন্নত কৰিবলৈ নিৰ্দেশ দিয়া হয়। ৰোগীৰ পৰিয়ালে যাতে কোনো ধৰণৰ হাৰাশাস্তিৰ সন্মুখীন হ'ব নালাগে তাৰ প্ৰতি লক্ষ্য ৰাখিবলৈ কোৱা হয়।
আনহাতে, গৌহাটী মেডিকেল কলেজ হাস্পতালত ট্ৰলী পুলাৰসকলে ৰোগীৰ পৰিয়ালৰ পৰা ধন দাবী কৰা বুলি অভিযোগ উত্থাপন হোৱাৰ পিছত মুখ্যমন্ত্ৰীয়ে কঠোৰ ব্যৱস্থা গ্ৰহণৰ নিৰ্দেশ দিয়ে। এই নিৰ্দেশ অনুসৰি আৰক্ষীয়ে ১১ গৰাকী ট্ৰলী পুলাৰক গ্ৰেপ্তাৰ কৰে। অভিযোগ অনুসৰি, এওঁলোকে দীৰ্ঘদিন ধৰি ৰোগী কঢ়িয়াই নিয়াৰ নামত ৰোগীৰ পৰিয়ালৰ পৰা অবৈধভাৱে ধন আদায় কৰি আহিছিল। এখন ভিডিঅ' সামাজিক মাধ্যমত ভাইৰেল হোৱাৰ পিছত বিষয়টো পোহৰলৈ আহে। মুখ্যমন্ত্ৰীয়ে কয় যে চৰকাৰী হাস্পতালত এনে কাৰ্য কোনো কাৰণতে সহ্য কৰা নহ'ব। হাস্পতাল কৰ্তৃপক্ষক ব্যৱস্থাপনা উন্নত কৰিবলৈ নিৰ্দেশ দিয়া হয়। ৰোগীৰ পৰিয়ালে যাতে কোনো ধৰণৰ হাৰাশাস্তিৰ সন্মুখীন হ'ব নালাগে তাৰ প্ৰতি লক্ষ্য ৰাখিবলৈ কোৱা হয়।
ভিডিঅ'টোত দেখা গৈছিল যে এজন ট্ৰলী পুলাৰে ৰোগী এজনৰ পৰিয়ালৰ পৰা টকা দাবী কৰিছে। ঘটনাটো প্ৰকাশ পোৱাৰ লগে লগে স্বাস্থ্য বিভাগে তদন্ত আৰম্ভ কৰে। প্ৰাথমিক তদন্তত অভিযোগৰ সত্যতা প্ৰমাণিত হয়। হাস্পতালৰ অধীক্ষকে কয় যে এনে কাৰ্যত জড়িত সকলোৰে বিৰুদ্ধে কঠোৰ ব্যৱস্থা লোৱা হ'ব। হাস্পতালত চি চি টি ভি কেমেৰাৰ সংখ্যা বৃদ্ধি কৰা হ'ব। ৰোগীৰ সহায়ৰ বাবে হেল্পলাইন নম্বৰ প্ৰদৰ্শন কৰা হ'ব। স্বাস্থ্যমন্ত্ৰীয়ে হাস্পতাল পৰিদৰ্শন কৰি পৰিস্থিতি পৰ্যালোচনা কৰে। ট্ৰলী পুলাৰসকলৰ নিযুক্তি প্ৰক্ৰিয়া পুনৰীক্ষণ কৰা হ'ব বুলি তেওঁ জনায়। ঠিকাদাৰী প্ৰতিষ্ঠানৰ বিৰুদ্ধেও ব্যৱস্থা লোৱা হ'ব।
ভিডিঅ'টোত দেখা গৈছিল যে এজন ট্ৰলী পুলাৰে ৰোগী এজনৰ পৰিয়ালৰ পৰা টকা দাবী কৰিছে। ঘটনাটো প্ৰকাশ পোৱাৰ লগে লগে স্বাস্থ্য বিভাগে তদন্ত আৰম্ভ কৰে। প্ৰাথমিক তদন্তত অভিযোগৰ সত্যতা প্ৰমাণিত হয়। হাস্পতালৰ অধীক্ষকে কয় যে এনে কাৰ্যত জড়িত সকলোৰে বিৰুদ্ধে কঠোৰ ব্যৱস্থা লোৱা হ'ব। হাস্পতালত চি চি টি ভি কেমেৰাৰ সংখ্যা বৃদ্ধি কৰা হ'ব। ৰোগীৰ সহায়ৰ বাবে হেল্পলাইন নম্বৰ প্ৰদৰ্শন কৰা হ'ব। স্বাস্থ্যমন্ত্ৰীয়ে হাস্পতাল পৰিদৰ্শন কৰি পৰিস্থিতি পৰ্যালোচনা কৰে। ট্ৰলী পুলাৰসকলৰ নিযুক্তি প্ৰক্ৰিয়া পুনৰীক্ষণ কৰা হ'ব বুলি তেওঁ জনায়। ঠিকাদাৰী প্ৰতিষ্ঠানৰ বিৰুদ্ধেও ব্যৱস্থা লোৱা হ'ব।
ভিডিঅ'টোত দেখা গৈছিল যে এজন ট্ৰলী পুলাৰে ৰোগী এজনৰ পৰিয়ালৰ পৰা টকা দাবী কৰিছে। ঘটনাটো প্ৰকাশ পোৱাৰ লগে লগে স্বাস্থ্য বিভাগে তদন্ত আৰম্ভ কৰে। প্ৰাথমিক তদন্তত অভিযোগৰ সত্যতা প্ৰমাণিত হয়। হাস্পতালৰ অধীক্ষকে কয় যে এনে কাৰ্যত জড়িত সকলোৰে বিৰুদ্ধে কঠোৰ ব্যৱস্থা লোৱা হ'ব। হাস্পতালত চি চি টি ভি কেমেৰাৰ সংখ্যা বৃদ্ধি কৰা হ'ব। ৰোগীৰ সহায়ৰ বাবে হেল্পলাইন নম্বৰ প্ৰদৰ্শন কৰা হ'ব। স্বাস্থ্যমন্ত্ৰীয়ে হাস্পতাল পৰিদৰ্শন কৰি পৰিস্থিতি পৰ্যালোচনা কৰে। ট্ৰলী পুলাৰসকলৰ নিযুক্তি প্ৰক্ৰিয়া পুনৰীক্ষণ কৰা হ'ব বুলি তেওঁ জনায়। ঠিকাদাৰী প্ৰতিষ্ঠানৰ বিৰুদ্ধেও ব্যৱস্থা লোৱা হ'ব।
প্ৰতিনিধিসকলে কয় যে এইখিনিতে কাৰ্যপন্থা স্পষ্ট কৰা হৈছে। গ্ৰেপ্তাৰ হোৱা ট্ৰলী পুলাৰসকলক আদালতত হাজিৰ কৰা হয়। আৰক্ষীয়ে এই চক্ৰৰ সৈতে আন কোনো জড়িত আছে নেকি সেই বিষয়ে তদন্ত চলাইছে। হাস্পতালৰ কৰ্মচাৰীসকলক সতৰ্ক কৰি দিয়া হৈছে। ৰোগীৰ পৰিয়ালক যিকোনো অনিয়মৰ বিষয়ে পোনপটীয়াকৈ অভিযোগ দাখিল কৰিবলৈ আহ্বান জনোৱা হয়। চৰকাৰী হাস্পতালৰ সেৱাৰ মান উন্নত কৰাৰ বাবে চৰকাৰ দায়বদ্ধ বুলি মুখ্যমন্ত্ৰীয়ে কয়। ■ সংশ্লিষ্ট কৰ্তৃপক্ষক নিয়মীয়াকৈ পৰিদৰ্শন কৰিবলৈ নিৰ্দেশ দিয়া হৈছে। ৰাইজে এই পদক্ষেপক আদৰণি জনাইছে।
প্ৰতিনিধিসকলে কয় যে এইখিনিতে কাৰ্যপন্থা স্পষ্ট কৰা হৈছে। গ্ৰেপ্তাৰ হোৱা ট্ৰলী পুলাৰসকলক আদালতত হাজিৰ কৰা হয়। আৰক্ষীয়ে এই চক্ৰৰ সৈতে আন কোনো জড়িত আছে নেকি সেই বিষয়ে তদন্ত চলাইছে। হাস্পতালৰ কৰ্মচাৰীসকলক সতৰ্ক কৰি দিয়া হৈছে। ৰোগীৰ পৰিয়ালক যিকোনো অনিয়মৰ বিষয়ে পোনপটীয়াকৈ অভিযোগ দাখিল কৰিবলৈ আহ্বান জনোৱা হয়। চৰকাৰী হাস্পতালৰ সেৱাৰ মান উন্নত কৰাৰ বাবে চৰকাৰ দায়বদ্ধ বুলি মুখ্যমন্ত্ৰীয়ে কয়। ■ সংশ্লিষ্ট কৰ্তৃপক্ষক নিয়মীয়াকৈ পৰিদৰ্শন কৰিবলৈ নিৰ্দেশ দিয়া হৈছে। ৰাইজে এই পদক্ষেপক আদৰণি জনাইছে।
প্ৰতিনিধিসকলে কয় যে এইখিনিতে কাৰ্যপন্থা স্পষ্ট কৰা হৈছে। গ্ৰেপ্তাৰ হোৱা ট্ৰলী পুলাৰসকলক আদালতত হাজিৰ কৰা হয়। আৰক্ষীয়ে এই চক্ৰৰ সৈতে আন কোনো জড়িত আছে নেকি সেই বিষয়ে তদন্ত চলাইছে। হাস্পতালৰ কৰ্মচাৰীসকলক সতৰ্ক কৰি দিয়া হৈছে। ৰোগীৰ পৰিয়ালক যিকোনো অনিয়মৰ বিষয়ে পোনপটীয়াকৈ অভিযোগ দাখিল কৰিবলৈ আহ্বান জনোৱা হয়। চৰকাৰী হাস্পতালৰ সেৱাৰ মান উন্নত কৰাৰ বাবে চৰকাৰ দায়বদ্ধ বুলি মুখ্যমন্ত্ৰীয়ে কয়। ■ সংশ্লিষ্ট কৰ্তৃপক্ষক নিয়মীয়াকৈ পৰিদৰ্শন কৰিবলৈ নিৰ্দেশ দিয়া হৈছে। ৰাইজে এই পদক্ষেপক আদৰণি জনাইছে।
প্ৰথম দিনাই চিকিৎসা ক্ষেত্ৰত অনিয়ম ৰোধৰ বাবে বিভিন্ন পদক্ষেপ গ্ৰহণ কৰা হৈছে। হাস্পতালত এক বিশেষ নিৰীক্ষণ দল গঠন কৰা হ'ব। এই দলে নিয়মীয়াকৈ হাস্পতালৰ বিভিন্ন বিভাগ পৰিদৰ্শন কৰিব। ৰোগীৰ অভিযোগ গ্ৰহণৰ বাবে এটা বিশেষ কাউণ্টাৰ খোলা হ'ব। বিনামূলীয়া চিকিৎসা সেৱাৰ সুবিধা সকলোৱে যাতে লাভ কৰে তাৰ বাবে সজাগতা অভিযান চলোৱা হ'ব। স্বাস্থ্য বিভাগৰ উচ্চপদস্থ বিষয়াসকলে এই বিষয়ে এখন বৈঠক অনুষ্ঠিত কৰে। ভৱিষ্যতে এনে ঘটনাৰ পুনৰাবৃত্তি নহ'বলৈ সকলো ব্যৱস্থা গ্ৰহণ কৰা হ'ব বুলি বিভাগে জনাইছে। ৰাজ্যৰ আন চৰকাৰী হাস্পতালসমূহতো একে ধৰণৰ নিৰীক্ষণ চলোৱা হ'ব।
প্ৰথম দিনাই চিকিৎসা ক্ষেত্ৰত অনিয়ম ৰোধৰ বাবে বিভিন্ন পদক্ষেপ গ্ৰহণ কৰা হৈছে। হাস্পতালত এক বিশেষ নিৰীক্ষণ দল গঠন কৰা হ'ব। এই দলে নিয়মীয়াকৈ হাস্পতালৰ বিভিন্ন বিভাগ পৰিদৰ্শন কৰিব। ৰোগীৰ অভিযোগ গ্ৰহণৰ বাবে এটা বিশেষ কাউণ্টাৰ খোলা হ'ব। বিনামূলীয়া চিকিৎসা সেৱাৰ সুবিধা সকলোৱে যাতে লাভ কৰে তাৰ বাবে সজাগতা অভিযান চলোৱা হ'ব। স্বাস্থ্য বিভাগৰ উচ্চপদস্থ বিষয়াসকলে এই বিষয়ে এখন বৈঠক অনুষ্ঠিত কৰে। ভৱিষ্যতে এনে ঘটনাৰ পুনৰাবৃত্তি নহ'বলৈ সকলো ব্যৱস্থা গ্ৰহণ কৰা হ'ব বুলি বিভাগে জনাইছে। ৰাজ্যৰ আন চৰকাৰী হাস্পতালসমূহতো একে ধৰণৰ নিৰীক্ষণ চলোৱা হ'ব।
প্ৰথম দিনাই চিকিৎসা ক্ষেত্ৰত অনিয়ম ৰোধৰ বাবে বিভিন্ন পদক্ষেপ গ্ৰহণ কৰা হৈছে। হাস্পতালত এক বিশেষ নিৰীক্ষণ দল গঠন কৰা হ'ব। এই দলে নিয়মীয়াকৈ হাস্পতালৰ বিভিন্ন বিভাগ পৰিদৰ্শন কৰিব। ৰোগীৰ অভিযোগ গ্ৰহণৰ বাবে এটা বিশেষ কাউণ্টাৰ খোলা হ'ব। বিনামূলীয়া চিকিৎসা সেৱাৰ সুবিধা সকলোৱে যাতে লাভ কৰে তাৰ বাবে সজাগতা অভিযান চলোৱা হ'ব। স্বাস্থ্য বিভাগৰ উচ্চপদস্থ বিষয়াসকলে এই বিষয়ে এখন বৈঠক অনুষ্ঠিত কৰে। ভৱিষ্যতে এনে ঘটনাৰ পুনৰাবৃত্তি নহ'বলৈ সকলো ব্যৱস্থা গ্ৰহণ কৰা হ'ব বুলি বিভাগে জনাইছে। ৰাজ্যৰ আন চৰকাৰী হাস্পতালসমূহতো একে ধৰণৰ নিৰীক্ষণ চলোৱা হ'ব।
